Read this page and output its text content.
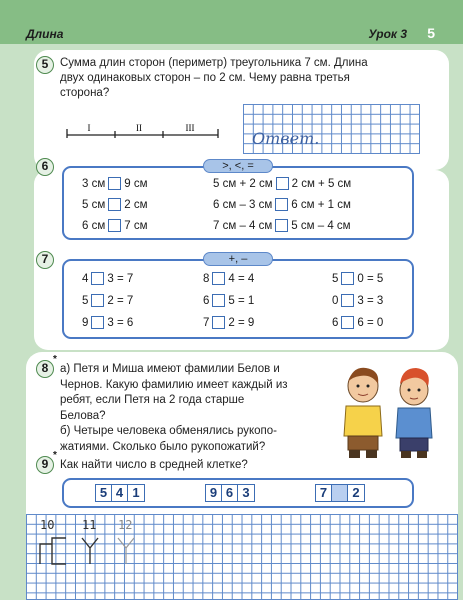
Длина	Урок 3 5
5	Сумма длин сторон (периметр) треугольника 7 см. Длина
двух одинаковых сторон – по 2 см. Чему равна третья
сторона?
I	II	III
Ответ.
6	>, <, =
3 см 9 см	5 см + 2 см 2 см + 5 см
5 см 2 см	6 см – 3 см 6 см + 1 см
6 см 7 см	7 см – 4 см 5 см – 4 см
7	+, –
4 3 = 7	8 4 = 4	5 0 = 5
5 2 = 7	6 5 = 1	0 3 = 3
9 3 = 6	7 2 = 9	6 6 = 0
8
*
а) Петя и Миша имеют фамилии Белов и
Чернов. Какую фамилию имеет каждый из
ребят, если Петя на 2 года старше
Белова?
б) Четыре человека обменялись рукопо-
жатиями. Сколько было рукопожатий?
9
*
Как найти число в средней клетке?
5 4 1	9 6 3	7	2
10 11 12
